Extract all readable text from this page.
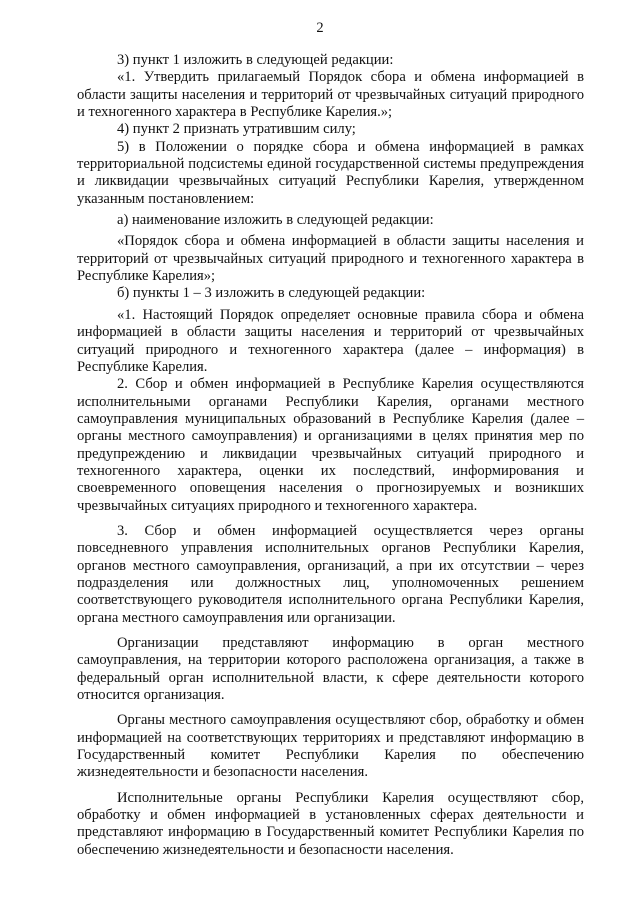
2

3) пункт 1 изложить в следующей редакции:

«1. Утвердить прилагаемый Порядок сбора и обмена информацией в области защиты населения и территорий от чрезвычайных ситуаций природного и техногенного характера в Республике Карелия.»;

4) пункт 2 признать утратившим силу;

5) в Положении о порядке сбора и обмена информацией в рамках территориальной подсистемы единой государственной системы предупреждения и ликвидации чрезвычайных ситуаций Республики Карелия, утвержденном указанным постановлением:

а) наименование изложить в следующей редакции:

«Порядок сбора и обмена информацией в области защиты населения и территорий от чрезвычайных ситуаций природного и техногенного характера в Республике Карелия»;

б) пункты 1 – 3 изложить в следующей редакции:

«1. Настоящий Порядок определяет основные правила сбора и обмена информацией в области защиты населения и территорий от чрезвычайных ситуаций природного и техногенного характера (далее – информация) в Республике Карелия.

2. Сбор и обмен информацией в Республике Карелия осуществляются исполнительными органами Республики Карелия, органами местного самоуправления муниципальных образований в Республике Карелия (далее – органы местного самоуправления) и организациями в целях принятия мер по предупреждению и ликвидации чрезвычайных ситуаций природного и техногенного характера, оценки их последствий, информирования и своевременного оповещения населения о прогнозируемых и возникших чрезвычайных ситуациях природного и техногенного характера.

3. Сбор и обмен информацией осуществляется через органы повседневного управления исполнительных органов Республики Карелия, органов местного самоуправления, организаций, а при их отсутствии – через подразделения или должностных лиц, уполномоченных решением соответствующего руководителя исполнительного органа Республики Карелия, органа местного самоуправления или организации.

Организации представляют информацию в орган местного самоуправления, на территории которого расположена организация, а также в федеральный орган исполнительной власти, к сфере деятельности которого относится организация.

Органы местного самоуправления осуществляют сбор, обработку и обмен информацией на соответствующих территориях и представляют информацию в Государственный комитет Республики Карелия по обеспечению жизнедеятельности и безопасности населения.

Исполнительные органы Республики Карелия осуществляют сбор, обработку и обмен информацией в установленных сферах деятельности и представляют информацию в Государственный комитет Республики Карелия по обеспечению жизнедеятельности и безопасности населения.
